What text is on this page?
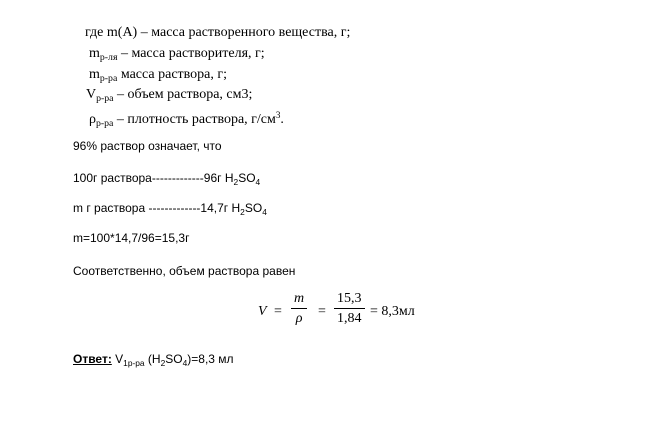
где m(A) – масса растворенного вещества, г;
$m_{р-ля}$ – масса растворителя, г;
$m_{р-ра}$ масса раствора, г;
$V_{р-ра}$ – объем раствора, см3;
$\rho_{р-ра}$ – плотность раствора, $г/см^3$.
96% раствор означает, что
100г раствора-------------96г $H_2SO_4$
m г раствора -------------14,7г $H_2SO_4$
m=100*14,7/96=15,3г
Соответственно, объем раствора равен
$V = \frac{m}{\rho} = \frac{15,3}{1,84} = 8,3мл$
Ответ: $V_{1р-ра}$ $(H_2SO_4)=8,3$ мл
